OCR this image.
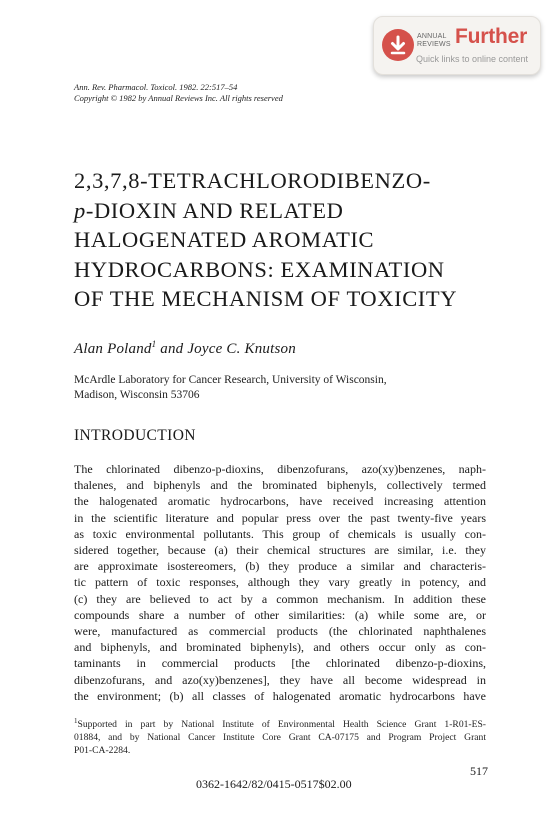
ANNUAL
REVIEWS Further
Quick links to online content
Ann. Rev. Pharmacol. Toxicol. 1982. 22:517–54
Copyright © 1982 by Annual Reviews Inc. All rights reserved
2,3,7,8-TETRACHLORODIBENZO-
p-DIOXIN AND RELATED
HALOGENATED AROMATIC
HYDROCARBONS: EXAMINATION
OF THE MECHANISM OF TOXICITY
Alan Poland$^1$ and Joyce C. Knutson
McArdle Laboratory for Cancer Research, University of Wisconsin,
Madison, Wisconsin 53706
INTRODUCTION
The chlorinated dibenzo-p-dioxins, dibenzofurans, azo(xy)benzenes, naph-
thalenes, and biphenyls and the brominated biphenyls, collectively termed
the halogenated aromatic hydrocarbons, have received increasing attention
in the scientific literature and popular press over the past twenty-five years
as toxic environmental pollutants. This group of chemicals is usually con-
sidered together, because (a) their chemical structures are similar, i.e. they
are approximate isostereomers, (b) they produce a similar and characteris-
tic pattern of toxic responses, although they vary greatly in potency, and
(c) they are believed to act by a common mechanism. In addition these
compounds share a number of other similarities: (a) while some are, or
were, manufactured as commercial products (the chlorinated naphthalenes
and biphenyls, and brominated biphenyls), and others occur only as con-
taminants in commercial products [the chlorinated dibenzo-p-dioxins,
dibenzofurans, and azo(xy)benzenes], they have all become widespread in
the environment; (b) all classes of halogenated aromatic hydrocarbons have
$^1$Supported in part by National Institute of Environmental Health Science Grant 1-R01-ES-
01884, and by National Cancer Institute Core Grant CA-07175 and Program Project Grant
P01-CA-2284.
517
0362-1642/82/0415-0517$02.00
